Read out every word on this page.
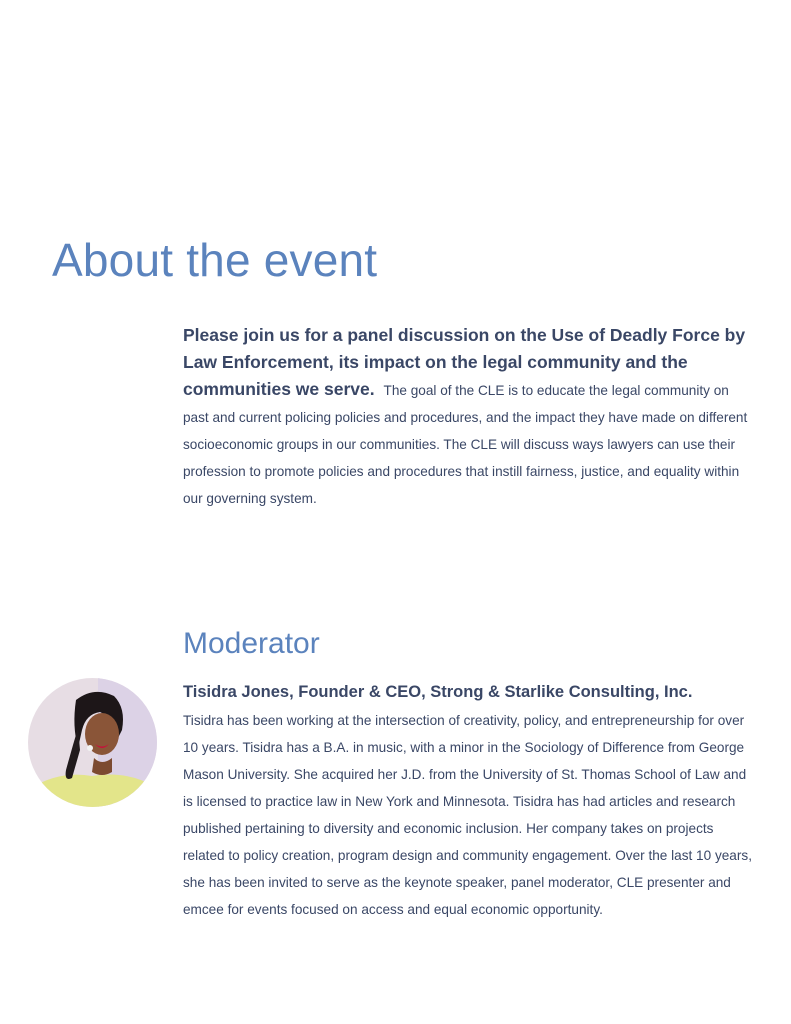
About the event

Please join us for a panel discussion on the Use of Deadly Force by Law Enforcement, its impact on the legal community and the communities we serve. The goal of the CLE is to educate the legal community on past and current policing policies and procedures, and the impact they have made on different socioeconomic groups in our communities. The CLE will discuss ways lawyers can use their profession to promote policies and procedures that instill fairness, justice, and equality within our governing system.

Moderator
Tisidra Jones, Founder & CEO, Strong & Starlike Consulting, Inc.

Tisidra has been working at the intersection of creativity, policy, and entrepreneurship for over 10 years. Tisidra has a B.A. in music, with a minor in the Sociology of Difference from George Mason University. She acquired her J.D. from the University of St. Thomas School of Law and is licensed to practice law in New York and Minnesota. Tisidra has had articles and research published pertaining to diversity and economic inclusion. Her company takes on projects related to policy creation, program design and community engagement. Over the last 10 years, she has been invited to serve as the keynote speaker, panel moderator, CLE presenter and emcee for events focused on access and equal economic opportunity.
